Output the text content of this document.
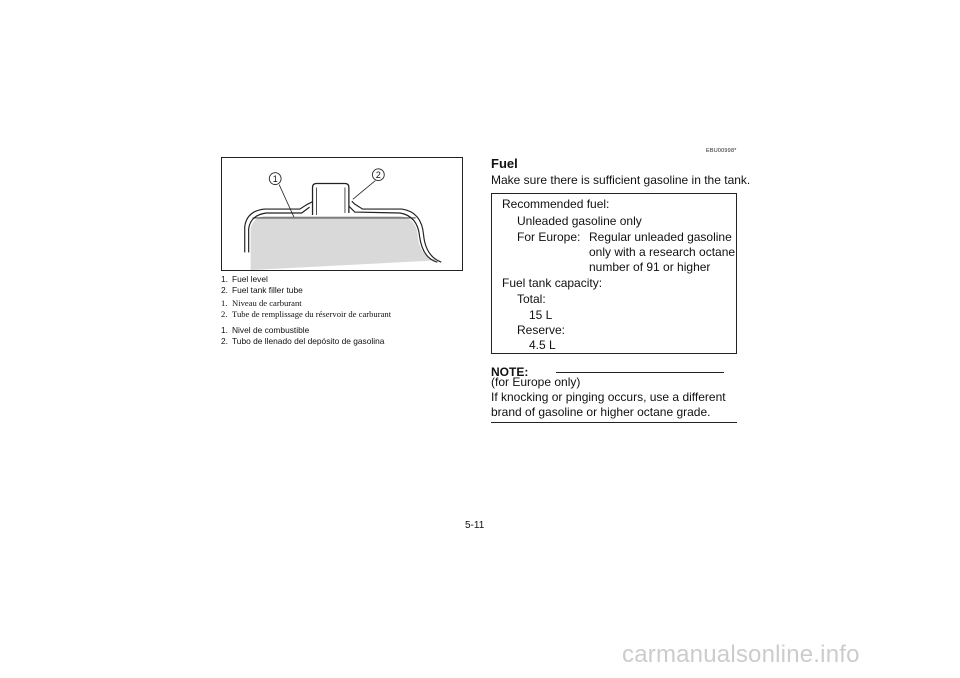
1	2
1. Fuel level
2. Fuel tank filler tube
1. Niveau de carburant
2. Tube de remplissage du réservoir de carburant
1. Nivel de combustible
2. Tubo de llenado del depósito de gasolina
EBU00998*
Fuel
Make sure there is sufficient gasoline in the tank.
Recommended fuel:
Unleaded gasoline only
For Europe: Regular unleaded gasoline
only with a research octane
number of 91 or higher
Fuel tank capacity:
Total:
15 L
Reserve:
4.5 L
NOTE:
(for Europe only)
If knocking or pinging occurs, use a different brand of gasoline or higher octane grade.
5-11
carmanualsonline.info
